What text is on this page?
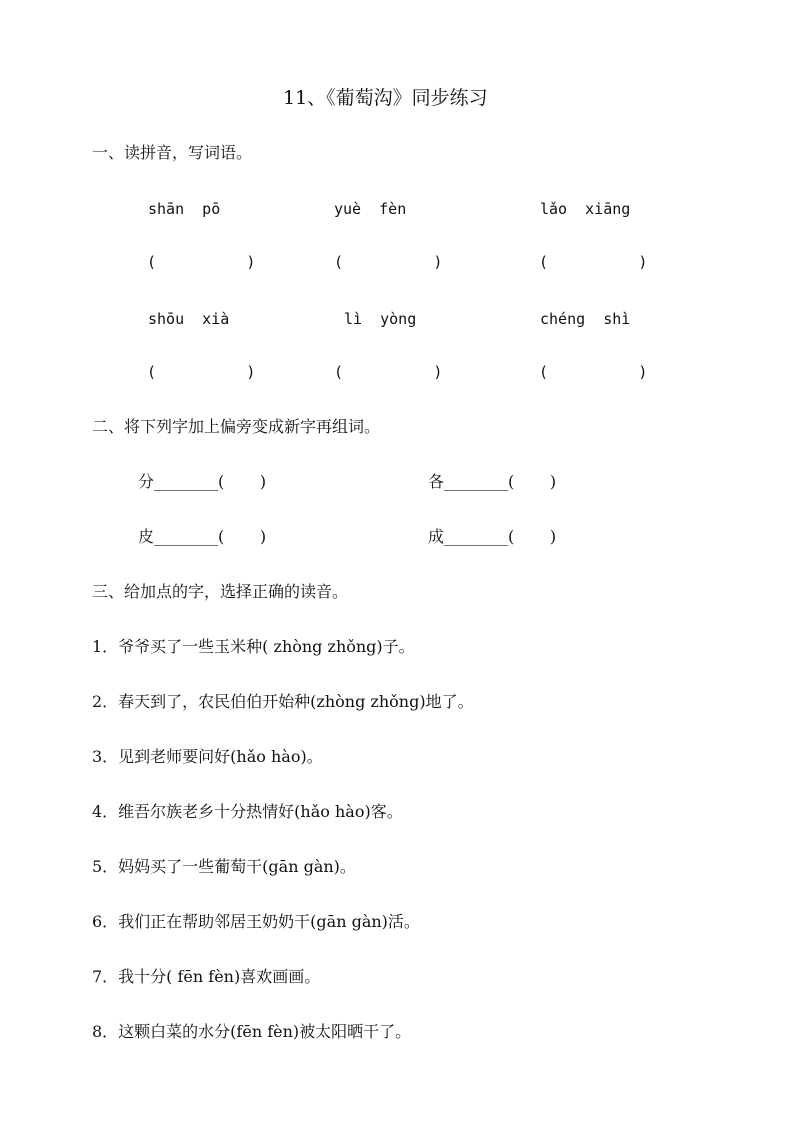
11、《葡萄沟》同步练习
一、读拼音，写词语。
shān  pō	yuè  fèn	lǎo  xiāng
(          )	(          )	(          )
shōu  xià	lì  yòng	chéng  shì
(          )	(          )	(          )
二、将下列字加上偏旁变成新字再组词。
分________(       )	各________(       )
皮________(       )	成________(       )
三、给加点的字，选择正确的读音。
1．爷爷买了一些玉米种( zhòng zhǒng)子。
2．春天到了，农民伯伯开始种(zhòng zhǒng)地了。
3．见到老师要问好(hǎo hào)。
4．维吾尔族老乡十分热情好(hǎo hào)客。
5．妈妈买了一些葡萄干(gān gàn)。
6．我们正在帮助邻居王奶奶干(gān gàn)活。
7．我十分( fēn fèn)喜欢画画。
8．这颗白菜的水分(fēn fèn)被太阳晒干了。
